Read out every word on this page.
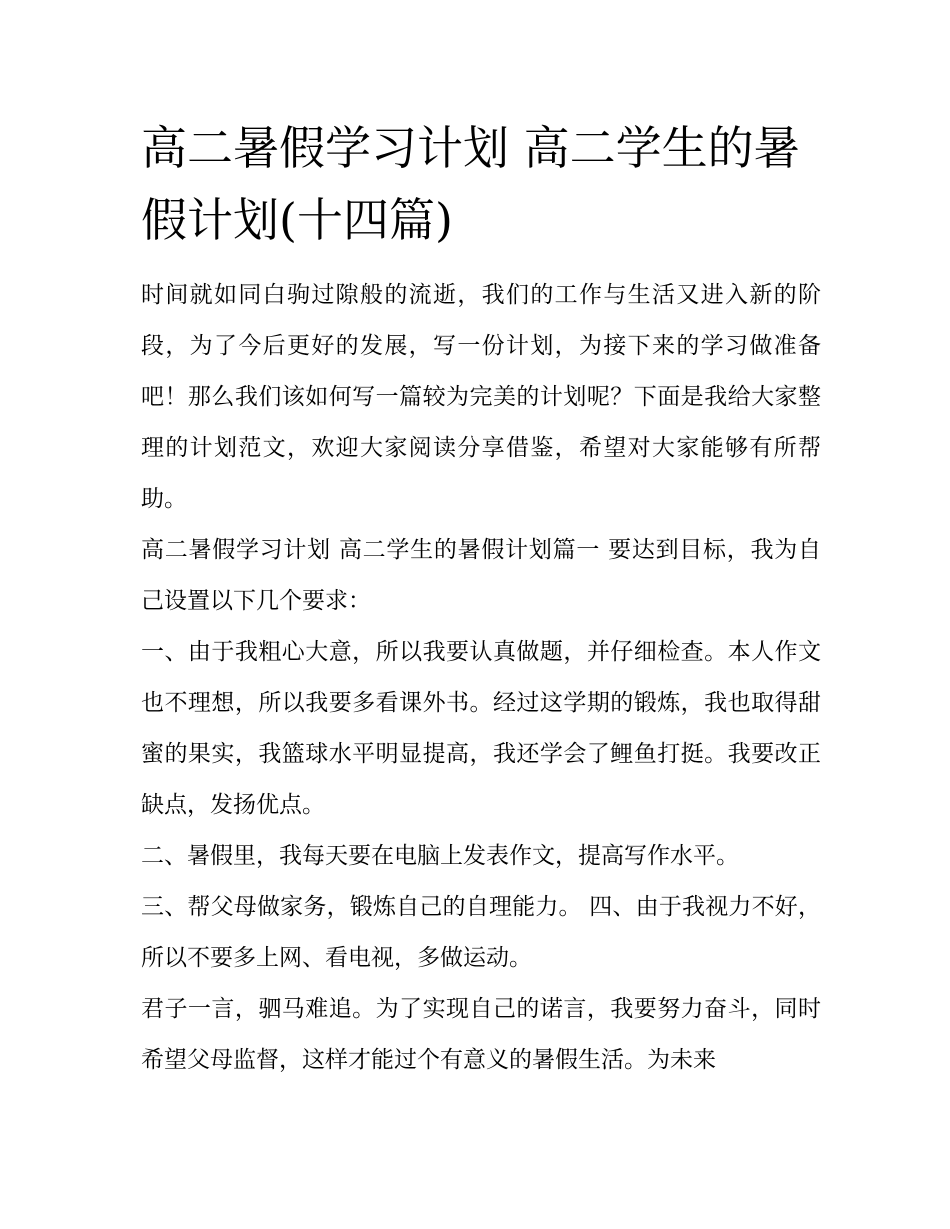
高二暑假学习计划 高二学生的暑假计划(十四篇)

时间就如同白驹过隙般的流逝，我们的工作与生活又进入新的阶段，为了今后更好的发展，写一份计划，为接下来的学习做准备吧！那么我们该如何写一篇较为完美的计划呢？下面是我给大家整理的计划范文，欢迎大家阅读分享借鉴，希望对大家能够有所帮助。

高二暑假学习计划 高二学生的暑假计划篇一 要达到目标，我为自己设置以下几个要求：

一、由于我粗心大意，所以我要认真做题，并仔细检查。本人作文也不理想，所以我要多看课外书。经过这学期的锻炼，我也取得甜蜜的果实，我篮球水平明显提高，我还学会了鲤鱼打挺。我要改正缺点，发扬优点。

二、暑假里，我每天要在电脑上发表作文，提高写作水平。

三、帮父母做家务，锻炼自己的自理能力。 四、由于我视力不好，所以不要多上网、看电视，多做运动。

君子一言，驷马难追。为了实现自己的诺言，我要努力奋斗，同时希望父母监督，这样才能过个有意义的暑假生活。为未来
